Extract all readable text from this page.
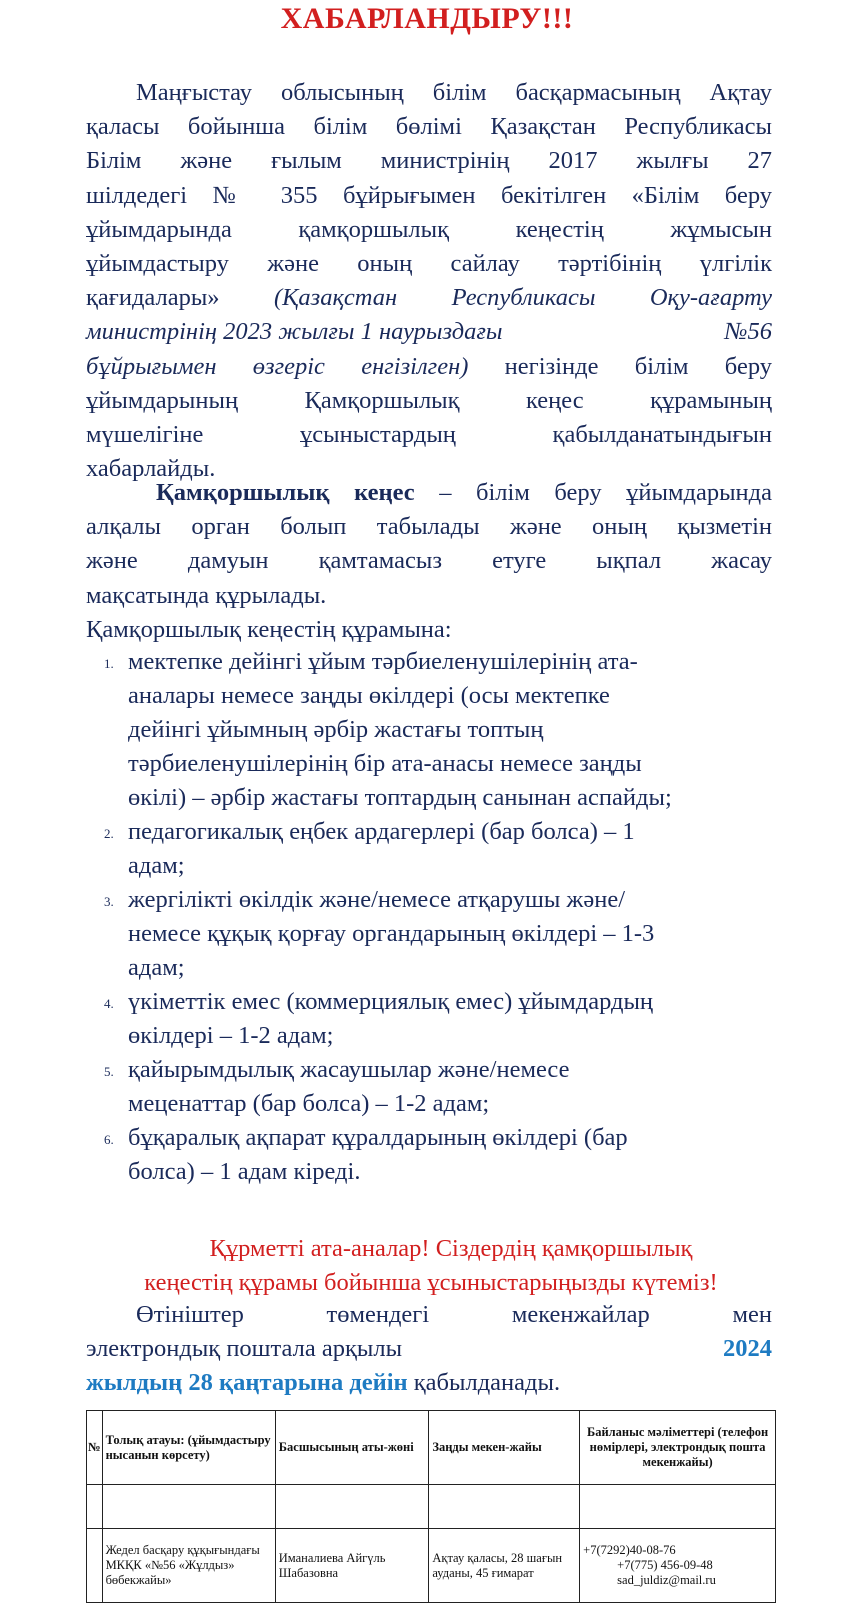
ХАБАРЛАНДЫРУ!!!
Маңғыстау облысының білім басқармасының Ақтау
қаласы бойынша білім бөлімі Қазақстан Республикасы
Білім және ғылым министрінің 2017 жылғы 27
шілдедегі № 355 бұйрығымен бекітілген «Білім беру
ұйымдарында қамқоршылық кеңестің жұмысын
ұйымдастыру және оның сайлау тәртібінің үлгілік
қағидалары» (Қазақстан Республикасы Оқу-ағарту
министрінің 2023 жылғы 1 наурыздағы	№56
бұйрығымен өзгеріс енгізілген) негізінде білім беру
ұйымдарының Қамқоршылық кеңес құрамының
мүшелігіне ұсыныстардың қабылданатындығын
хабарлайды.
Қамқоршылық кеңес – білім беру ұйымдарында
алқалы орган болып табылады және оның қызметін
және дамуын қамтамасыз етуге ықпал жасау
мақсатында құрылады.
Қамқоршылық кеңестің құрамына:
1. мектепке дейінгі ұйым тәрбиеленушілерінің ата-
аналары немесе заңды өкілдері (осы мектепке
дейінгі ұйымның әрбір жастағы топтың
тәрбиеленушілерінің бір ата-анасы немесе заңды
өкілі) – әрбір жастағы топтардың санынан аспайды;
2. педагогикалық еңбек ардагерлері (бар болса) – 1
адам;
3. жергілікті өкілдік және/немесе атқарушы және/
немесе құқық қорғау органдарының өкілдері – 1-3
адам;
4. үкіметтік емес (коммерциялық емес) ұйымдардың
өкілдері – 1-2 адам;
5. қайырымдылық жасаушылар және/немесе
меценаттар (бар болса) – 1-2 адам;
6. бұқаралық ақпарат құралдарының өкілдері (бар
болса) – 1 адам кіреді.
Құрметті ата-аналар! Сіздердің қамқоршылық
кеңестің құрамы бойынша ұсыныстарыңызды күтеміз!
Өтініштер	төмендегі	мекенжайлар	мен
электрондық поштала арқылы	2024
жылдың 28 қаңтарына дейін қабылданады.
№	Толық атауы: (ұйымдастыру нысанын көрсету)	Басшысының аты-жөні	Заңды мекен-жайы	Байланыс мәліметтері (телефон нөмірлері, электрондық пошта мекенжайы)

	Жедел басқару құқығындағы МКҚК «№56 «Жұлдыз» бөбекжайы»	Иманалиева Айгүль Шабазовна	Ақтау қаласы, 28 шағын ауданы, 45 ғимарат	+7(7292)40-08-76
+7(775) 456-09-48
sad_juldiz@mail.ru
